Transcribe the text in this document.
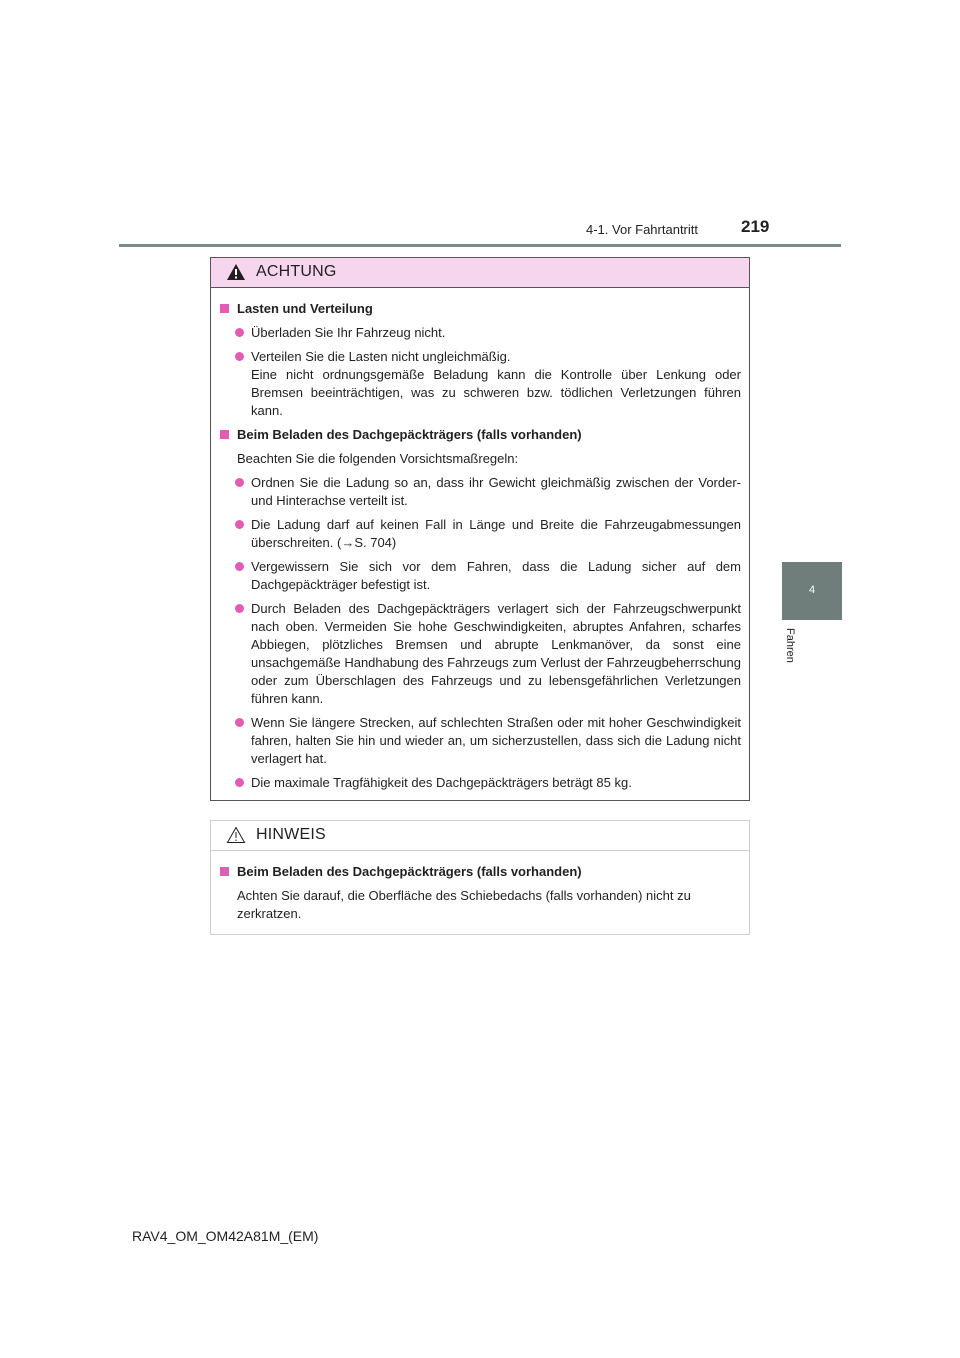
4-1. Vor Fahrtantritt	219
4
Fahren
ACHTUNG
Lasten und Verteilung
Überladen Sie Ihr Fahrzeug nicht.
Verteilen Sie die Lasten nicht ungleichmäßig.
Eine nicht ordnungsgemäße Beladung kann die Kontrolle über Lenkung oder Bremsen beeinträchtigen, was zu schweren bzw. tödlichen Verletzungen führen kann.
Beim Beladen des Dachgepäckträgers (falls vorhanden)
Beachten Sie die folgenden Vorsichtsmaßregeln:
Ordnen Sie die Ladung so an, dass ihr Gewicht gleichmäßig zwischen der Vorder- und Hinterachse verteilt ist.
Die Ladung darf auf keinen Fall in Länge und Breite die Fahrzeugabmessungen überschreiten. (→S. 704)
Vergewissern Sie sich vor dem Fahren, dass die Ladung sicher auf dem Dachgepäckträger befestigt ist.
Durch Beladen des Dachgepäckträgers verlagert sich der Fahrzeugschwerpunkt nach oben. Vermeiden Sie hohe Geschwindigkeiten, abruptes Anfahren, scharfes Abbiegen, plötzliches Bremsen und abrupte Lenkmanöver, da sonst eine unsachgemäße Handhabung des Fahrzeugs zum Verlust der Fahrzeugbeherrschung oder zum Überschlagen des Fahrzeugs und zu lebensgefährlichen Verletzungen führen kann.
Wenn Sie längere Strecken, auf schlechten Straßen oder mit hoher Geschwindigkeit fahren, halten Sie hin und wieder an, um sicherzustellen, dass sich die Ladung nicht verlagert hat.
Die maximale Tragfähigkeit des Dachgepäckträgers beträgt 85 kg.
HINWEIS
Beim Beladen des Dachgepäckträgers (falls vorhanden)
Achten Sie darauf, die Oberfläche des Schiebedachs (falls vorhanden) nicht zu zerkratzen.
RAV4_OM_OM42A81M_(EM)
